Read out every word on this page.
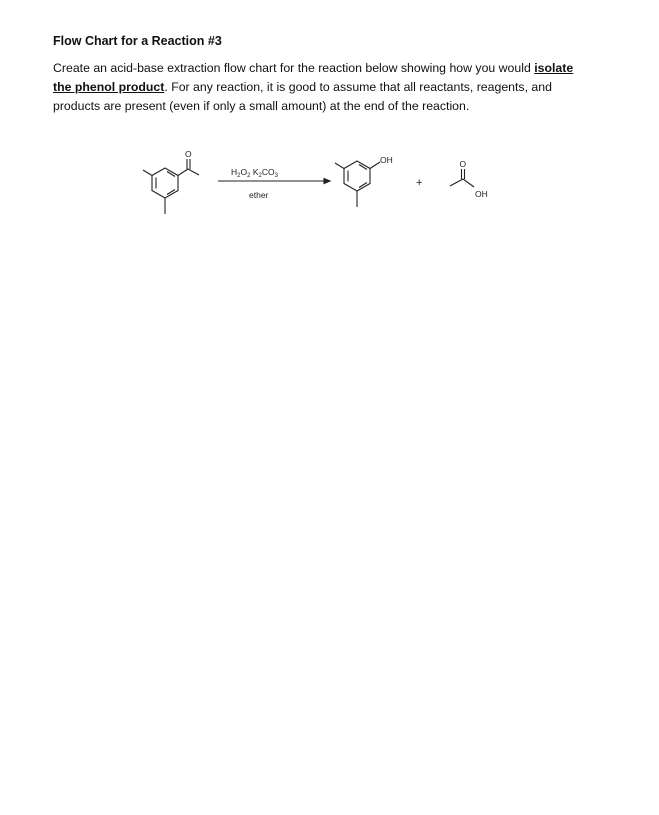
Flow Chart for a Reaction #3
Create an acid-base extraction flow chart for the reaction below showing how you would isolate the phenol product. For any reaction, it is good to assume that all reactants, reagents, and products are present (even if only a small amount) at the end of the reaction.
O
$H_2O_2$ $K_2CO_3$
ether
OH
+
O
OH
